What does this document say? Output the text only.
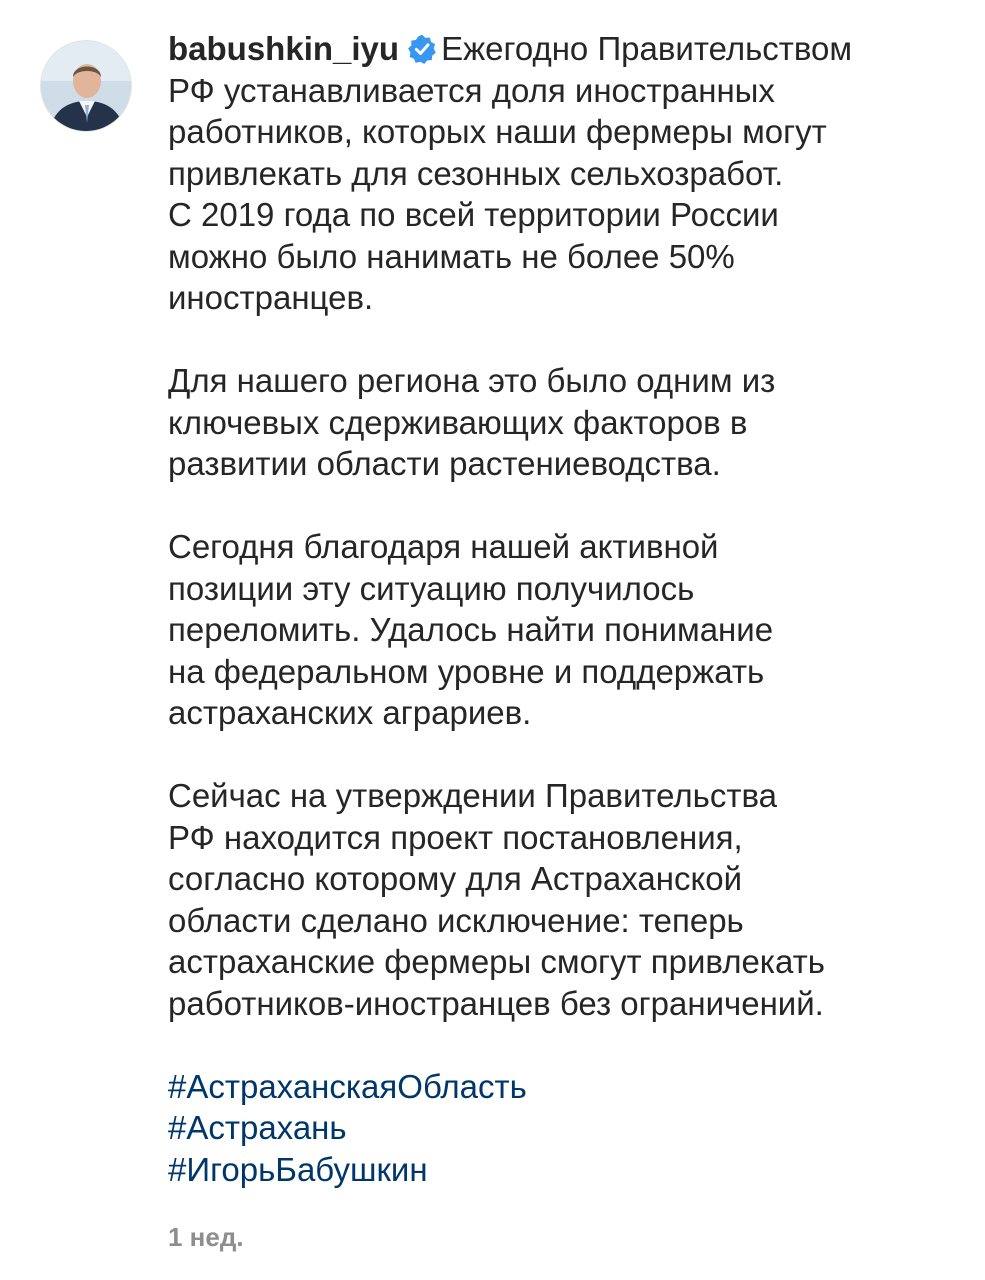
babushkin_iyu Ежегодно Правительством
РФ устанавливается доля иностранных
работников, которых наши фермеры могут
привлекать для сезонных сельхозработ.
С 2019 года по всей территории России
можно было нанимать не более 50%
иностранцев.
Для нашего региона это было одним из
ключевых сдерживающих факторов в
развитии области растениеводства.
Сегодня благодаря нашей активной
позиции эту ситуацию получилось
переломить. Удалось найти понимание
на федеральном уровне и поддержать
астраханских аграриев.
Сейчас на утверждении Правительства
РФ находится проект постановления,
согласно которому для Астраханской
области сделано исключение: теперь
астраханские фермеры смогут привлекать
работников-иностранцев без ограничений.
#АстраханскаяОбласть
#Астрахань
#ИгорьБабушкин
1 нед.
